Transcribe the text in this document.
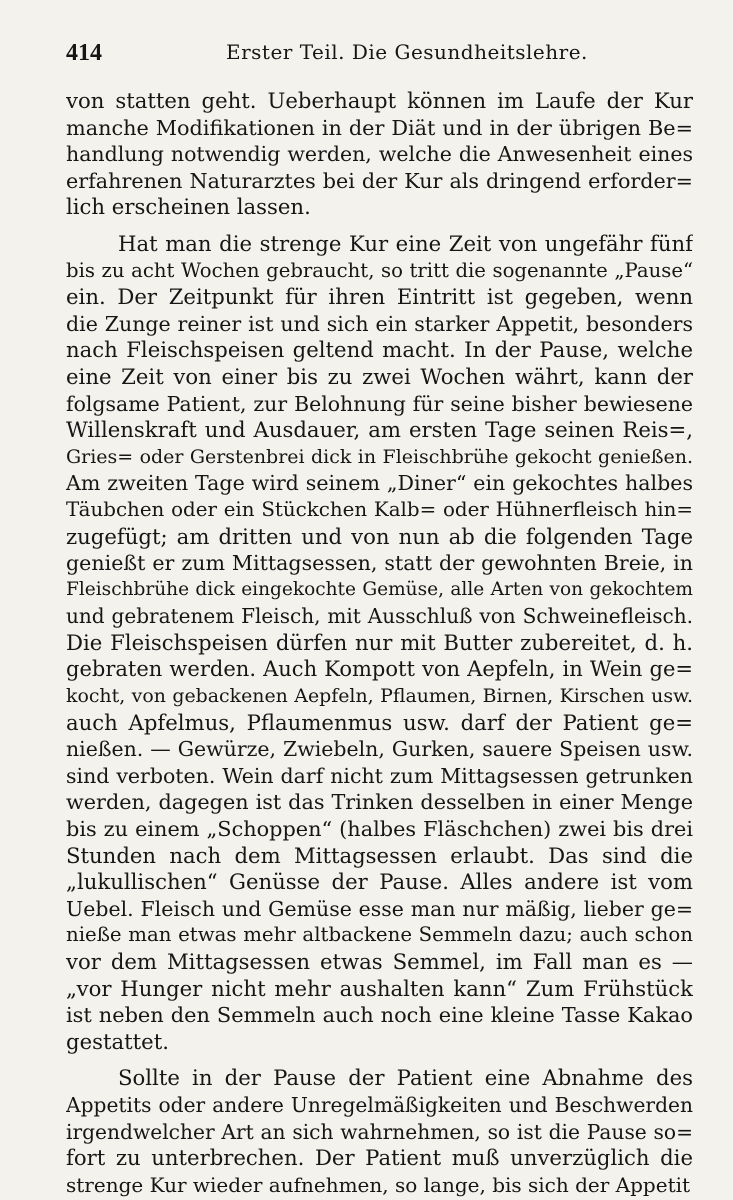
414	Erster Teil. Die Gesundheitslehre.
von statten geht. Ueberhaupt können im Laufe der Kur
manche Modifikationen in der Diät und in der übrigen Be=
handlung notwendig werden, welche die Anwesenheit eines
erfahrenen Naturarztes bei der Kur als dringend erforder=
lich erscheinen lassen.
Hat man die strenge Kur eine Zeit von ungefähr fünf
bis zu acht Wochen gebraucht, so tritt die sogenannte „Pause“
ein. Der Zeitpunkt für ihren Eintritt ist gegeben, wenn
die Zunge reiner ist und sich ein starker Appetit, besonders
nach Fleischspeisen geltend macht. In der Pause, welche
eine Zeit von einer bis zu zwei Wochen währt, kann der
folgsame Patient, zur Belohnung für seine bisher bewiesene
Willenskraft und Ausdauer, am ersten Tage seinen Reis=,
Gries= oder Gerstenbrei dick in Fleischbrühe gekocht genießen.
Am zweiten Tage wird seinem „Diner“ ein gekochtes halbes
Täubchen oder ein Stückchen Kalb= oder Hühnerfleisch hin=
zugefügt; am dritten und von nun ab die folgenden Tage
genießt er zum Mittagsessen, statt der gewohnten Breie, in
Fleischbrühe dick eingekochte Gemüse, alle Arten von gekochtem
und gebratenem Fleisch, mit Ausschluß von Schweinefleisch.
Die Fleischspeisen dürfen nur mit Butter zubereitet, d. h.
gebraten werden. Auch Kompott von Aepfeln, in Wein ge=
kocht, von gebackenen Aepfeln, Pflaumen, Birnen, Kirschen usw.
auch Apfelmus, Pflaumenmus usw. darf der Patient ge=
nießen. — Gewürze, Zwiebeln, Gurken, sauere Speisen usw.
sind verboten. Wein darf nicht zum Mittagsessen getrunken
werden, dagegen ist das Trinken desselben in einer Menge
bis zu einem „Schoppen“ (halbes Fläschchen) zwei bis drei
Stunden nach dem Mittagsessen erlaubt. Das sind die
„lukullischen“ Genüsse der Pause. Alles andere ist vom
Uebel. Fleisch und Gemüse esse man nur mäßig, lieber ge=
nieße man etwas mehr altbackene Semmeln dazu; auch schon
vor dem Mittagsessen etwas Semmel, im Fall man es —
„vor Hunger nicht mehr aushalten kann“ Zum Frühstück
ist neben den Semmeln auch noch eine kleine Tasse Kakao
gestattet.
Sollte in der Pause der Patient eine Abnahme des
Appetits oder andere Unregelmäßigkeiten und Beschwerden
irgendwelcher Art an sich wahrnehmen, so ist die Pause so=
fort zu unterbrechen. Der Patient muß unverzüglich die
strenge Kur wieder aufnehmen, so lange, bis sich der Appetit
